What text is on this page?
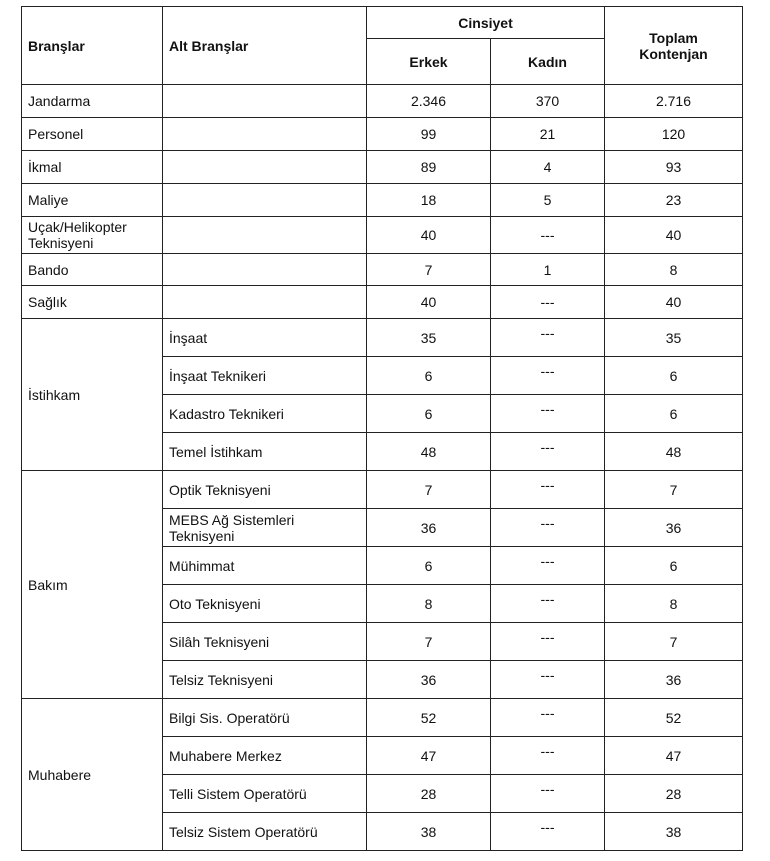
Branşlar	Alt Branşlar	Cinsiyet		Toplam
Kontenjan
		Erkek	Kadın	
Jandarma		2.346	370	2.716
Personel		99	21	120
İkmal		89	4	93
Maliye		18	5	23
Uçak/Helikopter Teknisyeni		40	---	40
Bando		7	1	8
Sağlık		40	---	40
İstihkam	İnşaat	35	---	35
	İnşaat Teknikeri	6	---	6
	Kadastro Teknikeri	6	---	6
	Temel İstihkam	48	---	48
Bakım	Optik Teknisyeni	7	---	7
	MEBS Ağ Sistemleri Teknisyeni	36	---	36
	Mühimmat	6	---	6
	Oto Teknisyeni	8	---	8
	Silâh Teknisyeni	7	---	7
	Telsiz Teknisyeni	36	---	36
Muhabere	Bilgi Sis. Operatörü	52	---	52
	Muhabere Merkez	47	---	47
	Telli Sistem Operatörü	28	---	28
	Telsiz Sistem Operatörü	38	---	38
